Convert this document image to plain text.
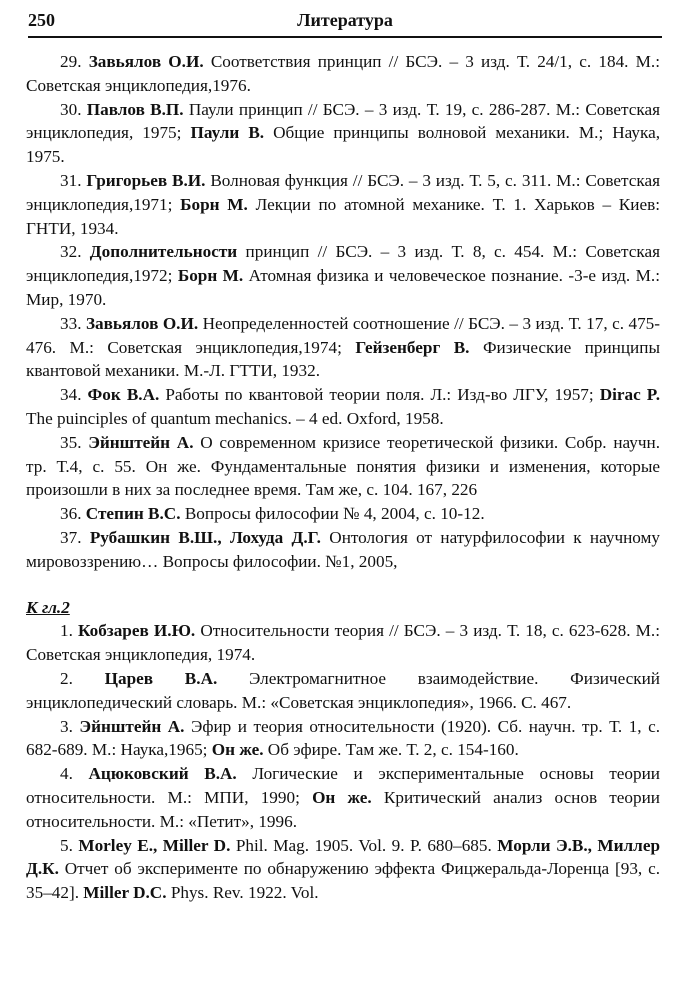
250	Литература

29. Завьялов О.И. Соответствия принцип // БСЭ. – 3 изд. Т. 24/1, с. 184. М.: Советская энциклопедия,1976.

30. Павлов В.П. Паули принцип // БСЭ. – 3 изд. Т. 19, с. 286-287. М.: Советская энциклопедия, 1975; Паули В. Общие принципы волновой механики. М.; Наука, 1975.

31. Григорьев В.И. Волновая функция // БСЭ. – 3 изд. Т. 5, с. 311. М.: Советская энциклопедия,1971; Борн М. Лекции по атомной механике. Т. 1. Харьков – Киев: ГНТИ, 1934.

32. Дополнительности принцип // БСЭ. – 3 изд. Т. 8, с. 454. М.: Советская энциклопедия,1972; Борн М. Атомная физика и человеческое познание. -3-е изд. М.: Мир, 1970.

33. Завьялов О.И. Неопределенностей соотношение // БСЭ. – 3 изд. Т. 17, с. 475-476. М.: Советская энциклопедия,1974; Гейзенберг В. Физические принципы квантовой механики. М.-Л. ГТТИ, 1932.

34. Фок В.А. Работы по квантовой теории поля. Л.: Изд-во ЛГУ, 1957; Dirac P. The puinciples of quantum mechanics. – 4 ed. Oxford, 1958.

35. Эйнштейн А. О современном кризисе теоретической физики. Собр. научн. тр. Т.4, с. 55. Он же. Фундаментальные понятия физики и изменения, которые произошли в них за последнее время. Там же, с. 104. 167, 226

36. Степин В.С. Вопросы философии № 4, 2004, с. 10-12.

37. Рубашкин В.Ш., Лохуда Д.Г. Онтология от натурфилософии к научному мировоззрению… Вопросы философии. №1, 2005,

К гл.2

1. Кобзарев И.Ю. Относительности теория // БСЭ. – 3 изд. Т. 18, с. 623-628. М.: Советская энциклопедия, 1974.

2. Царев В.А. Электромагнитное взаимодействие. Физический энциклопедический словарь. М.: «Советская энциклопедия», 1966. С. 467.

3. Эйнштейн А. Эфир и теория относительности (1920). Сб. научн. тр. Т. 1, с. 682-689. М.: Наука,1965; Он же. Об эфире. Там же. Т. 2, с. 154-160.

4. Ацюковский В.А. Логические и экспериментальные основы теории относительности. М.: МПИ, 1990; Он же. Критический анализ основ теории относительности. М.: «Петит», 1996.

5. Morley E., Miller D. Phil. Mag. 1905. Vol. 9. P. 680–685. Морли Э.В., Миллер Д.К. Отчет об эксперименте по обнаружению эффекта Фицжеральда-Лоренца [93, с. 35–42]. Miller D.C. Phys. Rev. 1922. Vol.
